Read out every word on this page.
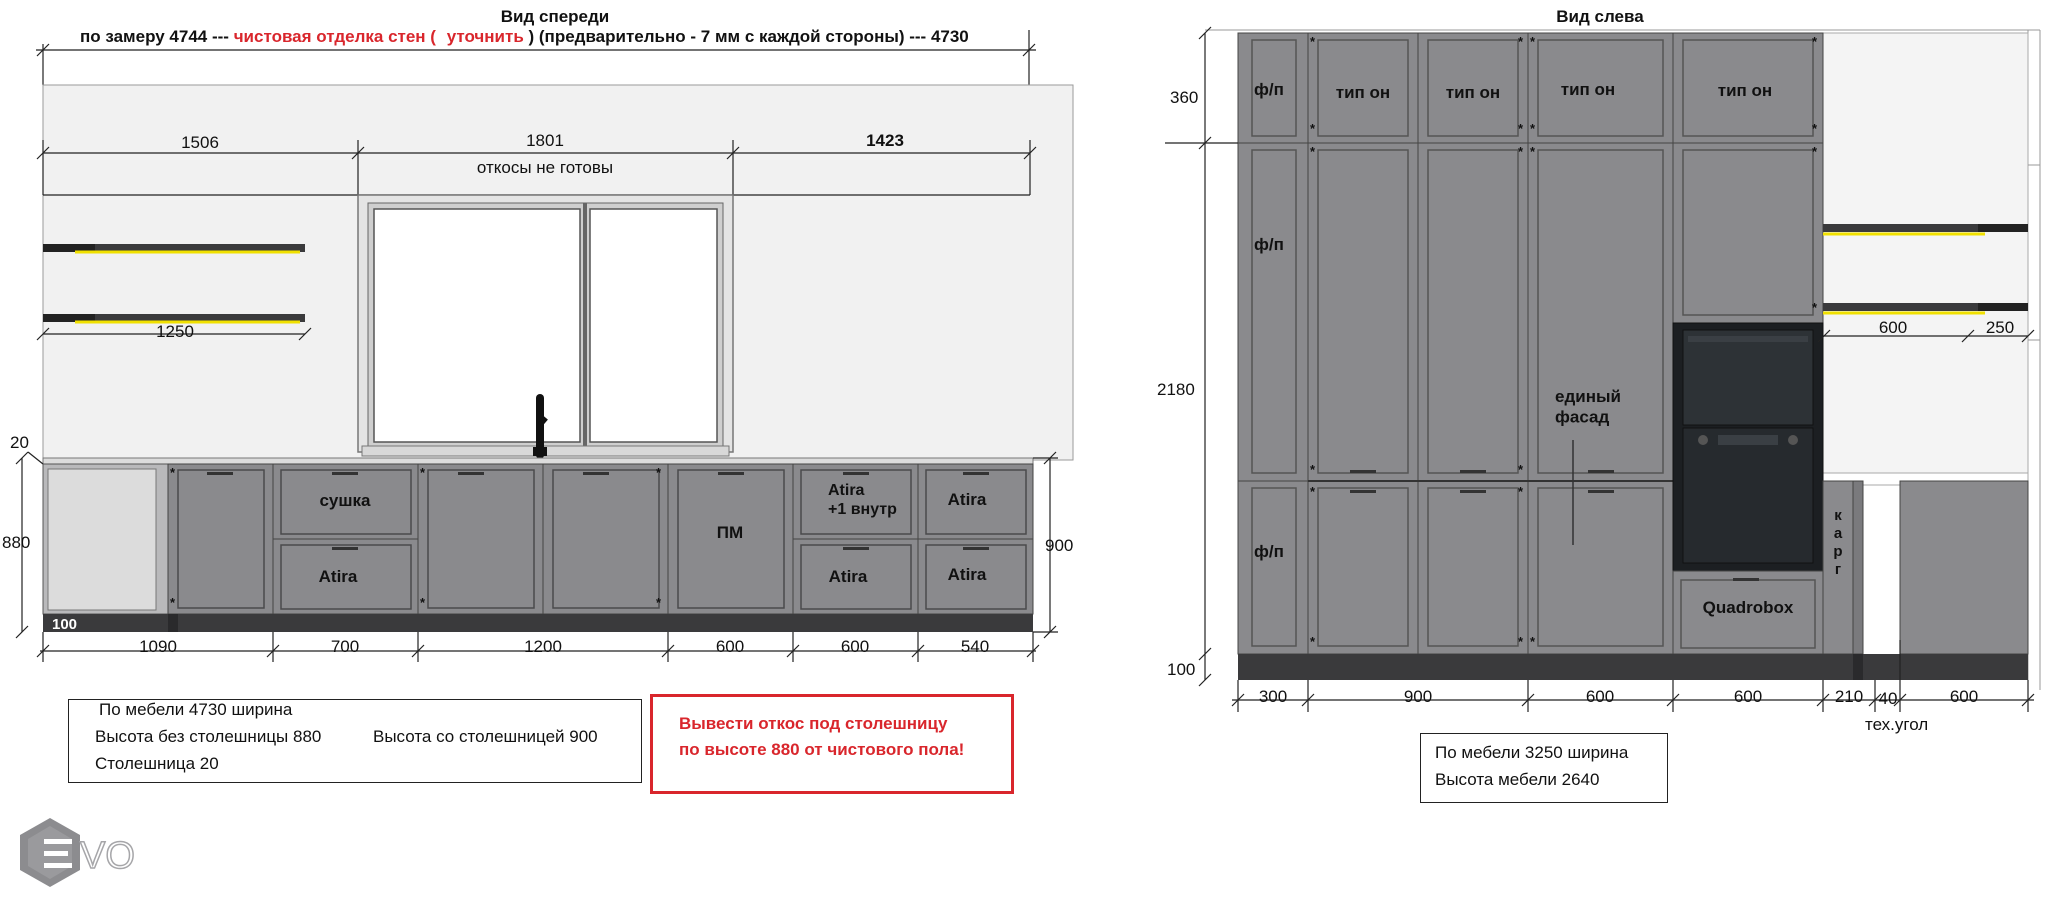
Вид спереди
по замеру 4744 --- чистовая отделка стен ( уточнить ) (предварительно - 7 мм с каждой стороны) --- 4730
1506	1801	1423
откосы не готовы
1250
*
*
*
*
*
*
сушка
Atira
ПМ
Atira +1 внутр
Atira
Atira
Atira
100
20
880	900
1090	700	1200	600	600	540
Вид слева
*
*
*
*
*
*
*
*
*
*
*
*
*
*
*
*
*
*
*
*
600	250
ф/п
ф/п
ф/п
тип он	тип он	тип он	тип он
единый фасад
Quadrobox
к а р г
360
2180
100
300	900	600	600	210 40	600
тех.угол
VO
По мебели 4730 ширина
Высота без столешницы 880	Высота со столешницей 900
Столешница 20
Вывести откос под столешницу
по высоте 880 от чистового пола!	По мебели 3250 ширина
Высота мебели 2640
